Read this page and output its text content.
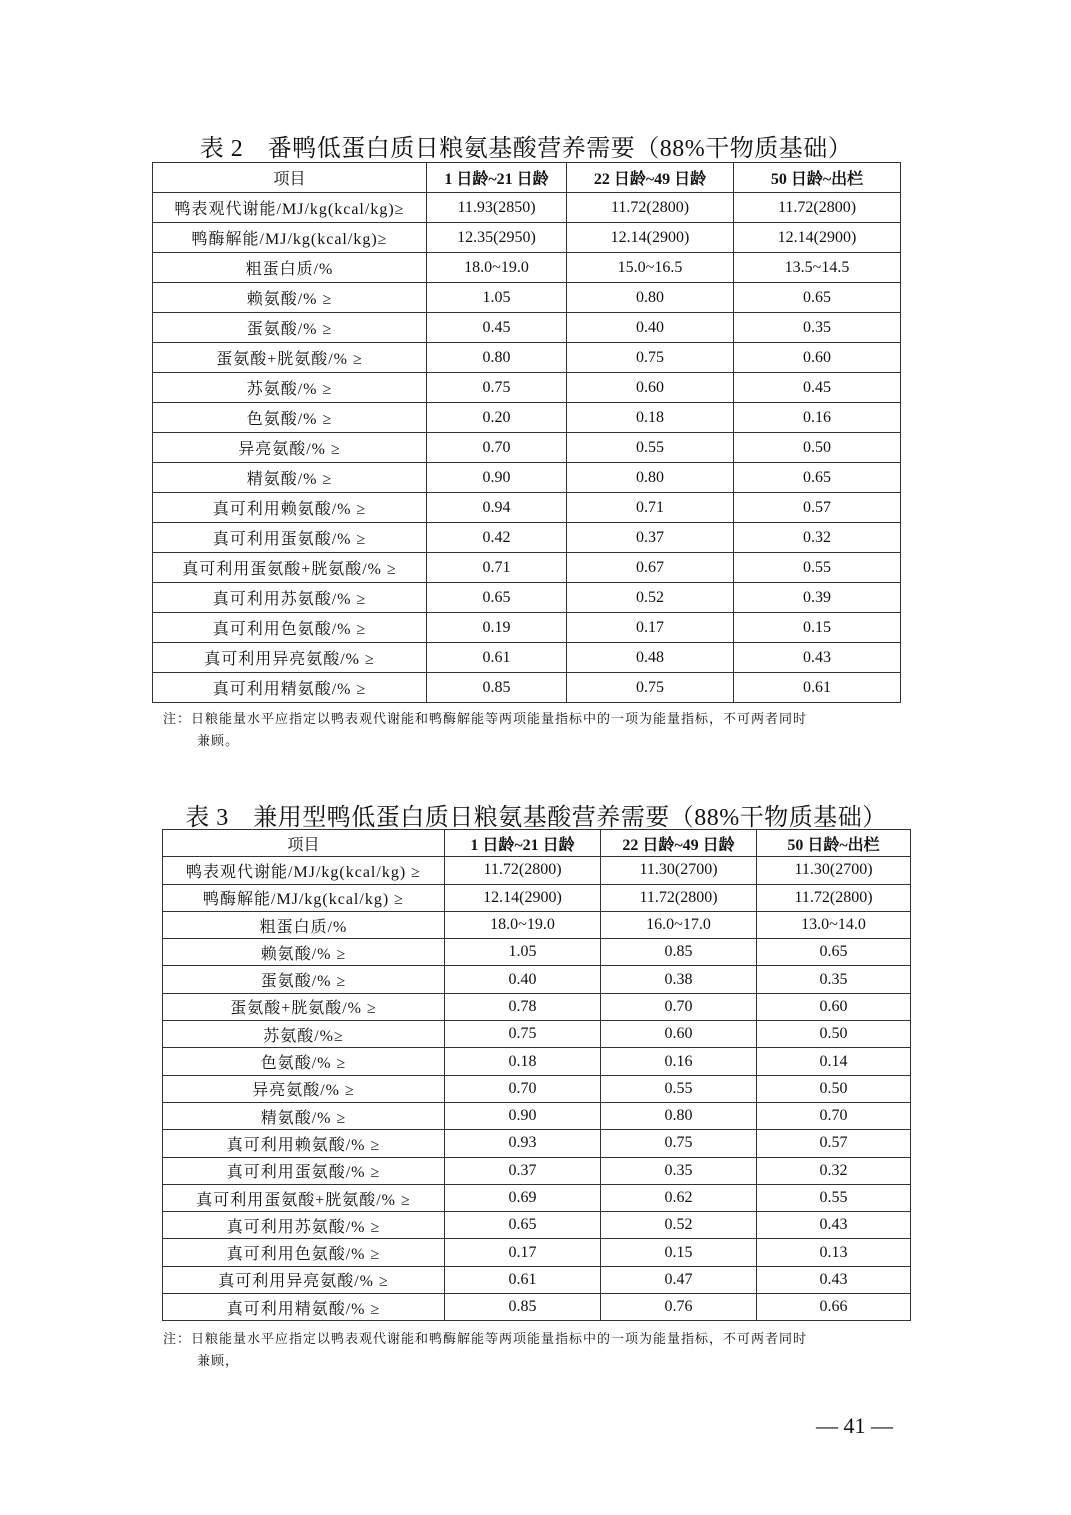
表 2　番鸭低蛋白质日粮氨基酸营养需要（88%干物质基础）
项目	1 日龄~21 日龄	22 日龄~49 日龄	50 日龄~出栏
鸭表观代谢能/MJ/kg(kcal/kg)≥	11.93(2850)	11.72(2800)	11.72(2800)
鸭酶解能/MJ/kg(kcal/kg)≥	12.35(2950)	12.14(2900)	12.14(2900)
粗蛋白质/%	18.0~19.0	15.0~16.5	13.5~14.5
赖氨酸/% ≥	1.05	0.80	0.65
蛋氨酸/% ≥	0.45	0.40	0.35
蛋氨酸+胱氨酸/% ≥	0.80	0.75	0.60
苏氨酸/% ≥	0.75	0.60	0.45
色氨酸/% ≥	0.20	0.18	0.16
异亮氨酸/% ≥	0.70	0.55	0.50
精氨酸/% ≥	0.90	0.80	0.65
真可利用赖氨酸/% ≥	0.94	0.71	0.57
真可利用蛋氨酸/% ≥	0.42	0.37	0.32
真可利用蛋氨酸+胱氨酸/% ≥	0.71	0.67	0.55
真可利用苏氨酸/% ≥	0.65	0.52	0.39
真可利用色氨酸/% ≥	0.19	0.17	0.15
真可利用异亮氨酸/% ≥	0.61	0.48	0.43
真可利用精氨酸/% ≥	0.85	0.75	0.61
注：日粮能量水平应指定以鸭表观代谢能和鸭酶解能等两项能量指标中的一项为能量指标，不可两者同时
兼顾。
表 3　兼用型鸭低蛋白质日粮氨基酸营养需要（88%干物质基础）
项目	1 日龄~21 日龄	22 日龄~49 日龄	50 日龄~出栏
鸭表观代谢能/MJ/kg(kcal/kg) ≥	11.72(2800)	11.30(2700)	11.30(2700)
鸭酶解能/MJ/kg(kcal/kg) ≥	12.14(2900)	11.72(2800)	11.72(2800)
粗蛋白质/%	18.0~19.0	16.0~17.0	13.0~14.0
赖氨酸/% ≥	1.05	0.85	0.65
蛋氨酸/% ≥	0.40	0.38	0.35
蛋氨酸+胱氨酸/% ≥	0.78	0.70	0.60
苏氨酸/%≥	0.75	0.60	0.50
色氨酸/% ≥	0.18	0.16	0.14
异亮氨酸/% ≥	0.70	0.55	0.50
精氨酸/% ≥	0.90	0.80	0.70
真可利用赖氨酸/% ≥	0.93	0.75	0.57
真可利用蛋氨酸/% ≥	0.37	0.35	0.32
真可利用蛋氨酸+胱氨酸/% ≥	0.69	0.62	0.55
真可利用苏氨酸/% ≥	0.65	0.52	0.43
真可利用色氨酸/% ≥	0.17	0.15	0.13
真可利用异亮氨酸/% ≥	0.61	0.47	0.43
真可利用精氨酸/% ≥	0.85	0.76	0.66
注：日粮能量水平应指定以鸭表观代谢能和鸭酶解能等两项能量指标中的一项为能量指标，不可两者同时
兼顾，
— 41 —
